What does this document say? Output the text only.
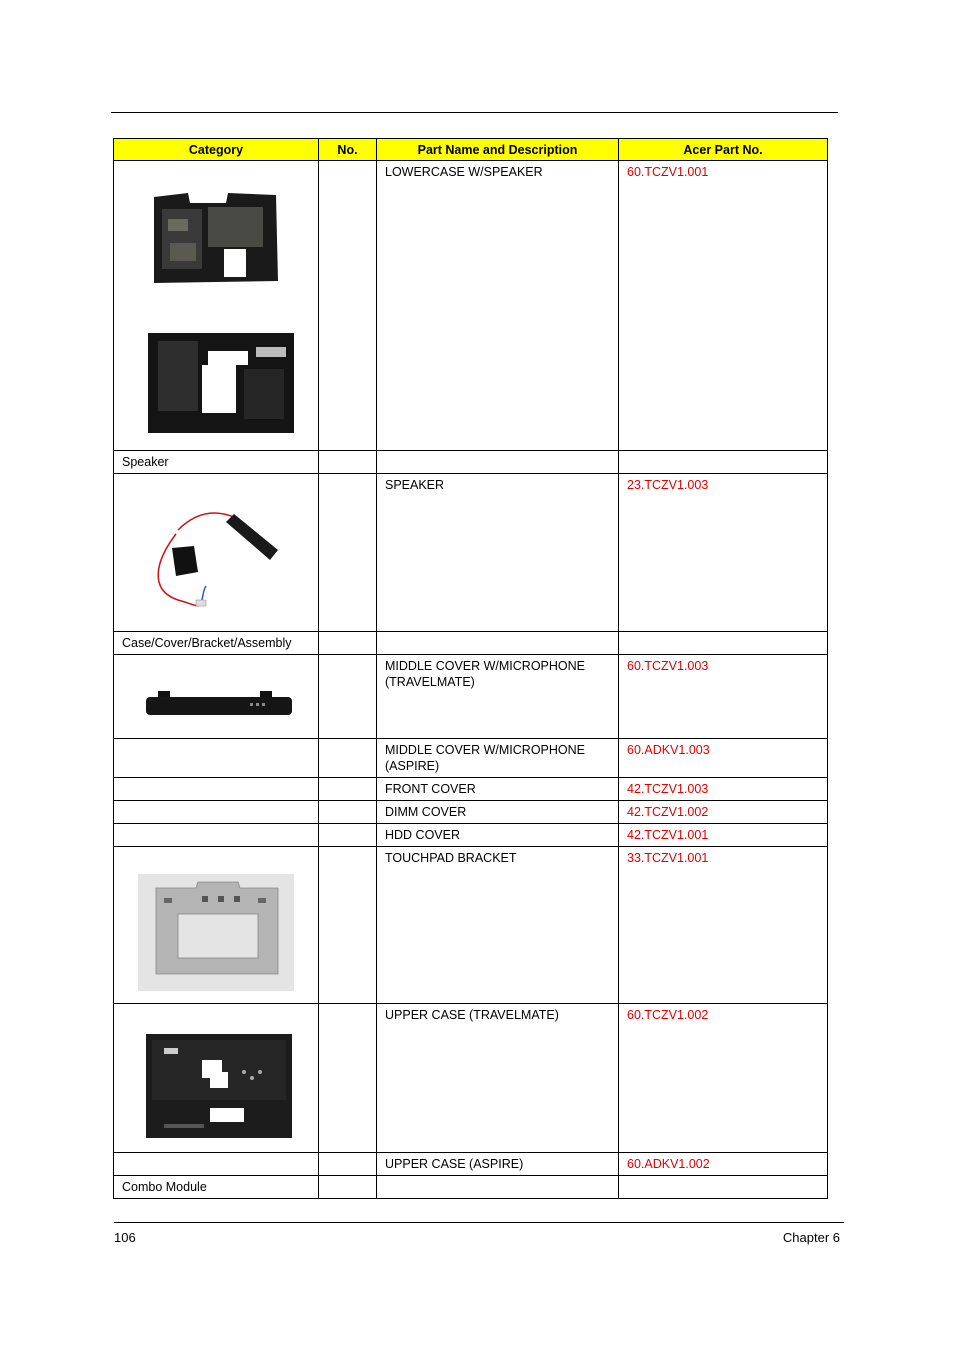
Category	No.	Part Name and Description	Acer Part No.

		LOWERCASE W/SPEAKER	60.TCZV1.001
Speaker			

		SPEAKER	23.TCZV1.003
Case/Cover/Bracket/Assembly			

		MIDDLE COVER W/MICROPHONE (TRAVELMATE)	60.TCZV1.003
		MIDDLE COVER W/MICROPHONE (ASPIRE)	60.ADKV1.003
		FRONT COVER	42.TCZV1.003
		DIMM COVER	42.TCZV1.002
		HDD COVER	42.TCZV1.001

		TOUCHPAD BRACKET	33.TCZV1.001

		UPPER CASE (TRAVELMATE)	60.TCZV1.002
		UPPER CASE (ASPIRE)	60.ADKV1.002
Combo Module			
106	Chapter 6
